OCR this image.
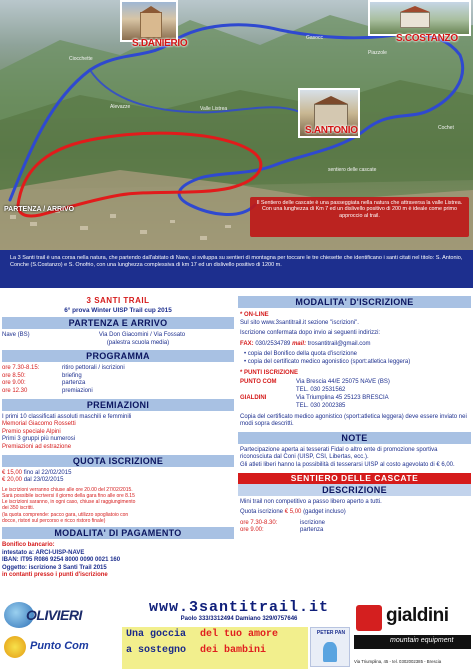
S.DANIERIO	S.COSTANZO
S.ANTONIO
Ciocchette
Gasocc
Piazzole
Alevazze	Valle Listrea
Cochet
sentiero delle cascate
PARTENZA / ARRIVO
Il Sentiero delle cascate è una passeggiata nella natura che attraversa la valle Listrea. Con una lunghezza di Km 7 ed un dislivello positivo di 200 m è ideale come primo approccio al trail.
La 3 Santi trail è una corsa nella natura, che partendo dall'abitato di Nave, si sviluppa su sentieri di montagna per toccare le tre chiesette che identificano i santi citati nel titolo: S. Antonio, Conche (S.Costanzo) e S. Onofrio, con una lunghezza complessiva di km 17 ed un dislivello positivo di 1200 m.
3 SANTI TRAIL
6° prova Winter UISP Trail cup 2015
PARTENZA E ARRIVO
Nave (BS)	Via Don Giacomini / Via Fossato
(palestra scuola media)
PROGRAMMA
ore 7.30-8.15:	ritiro pettorali / iscrizioni
ore 8.50:	briefing
ore 9.00:	partenza
ore 12.30	premiazioni
PREMIAZIONI
I primi 10 classificati assoluti maschili e femminili
Memorial Giacomo Rossetti
Premio speciale Alpini
Primi 3 gruppi più numerosi
Premiazioni ad estrazione
QUOTA ISCRIZIONE
€ 15,00 fino al 22/02/2015
€ 20,00 dal 23/02/2015
Le iscrizioni verranno chiuse alle ore 20.00 del 27/02/2015.
Sarà possibile iscriversi il giorno della gara fino alle ore 8.15
Le iscrizioni saranno, in ogni caso, chiuse al raggiungimento
dei 350 iscritti.
(la quota comprende: pacco gara, utilizzo spogliatoio con
docce, ristori sul percorso e ricco ristoro finale)
MODALITA' DI PAGAMENTO
Bonifico bancario:
intestato a: ARCI-UISP-NAVE
IBAN: IT95 R086 9254 8000 0090 0021 160
Oggetto: iscrizione 3 Santi Trail 2015
in contanti presso i punti d'iscrizione
MODALITA' D'ISCRIZIONE
* ON-LINE
Sul sito www.3santitrail.it sezione "iscrizioni".
Iscrizione confermata dopo invio ai seguenti indirizzi:
FAX: 030/2534789 mail: trosantitrail@gmail.com
• copia del Bonifico della quota d'iscrizione
• copia del certificato medico agonistico (sport:atletica leggera)
* PUNTI ISCRIZIONE
PUNTO COM	Via Brescia 44/E 25075 NAVE (BS)
TEL. 030 2531562
GIALDINI	Via Triumplina 45 25123 BRESCIA
TEL. 030 2002385
Copia del certificato medico agonistico (sport:atletica leggera) deve essere inviato nei modi sopra descritti.
NOTE
Partecipazione aperta ai tesserati Fidal o altro ente di promozione sportiva riconosciuta dal Coni (UISP, CSI, Libertas, ecc.).
Gli atleti liberi hanno la possibilità di tesserarsi UISP al costo agevolato di € 6,00.
SENTIERO DELLE CASCATE
DESCRIZIONE
Mini trail non competitivo a passo libero aperto a tutti.
Quota iscrizione € 5,00 (gadget incluso)
ore 7.30-8.30:	iscrizione
ore 9.00:	partenza
OLIVIERI
Punto Com
www.3santitrail.it
Paolo 333/3312494 Damiano 329/0757646
Una goccia del tuo amore
a sostegno dei bambini
PETER PAN
gialdini
mountain equipment
Via Triumplina, 45 - tel. 0302002385 - Brescia
